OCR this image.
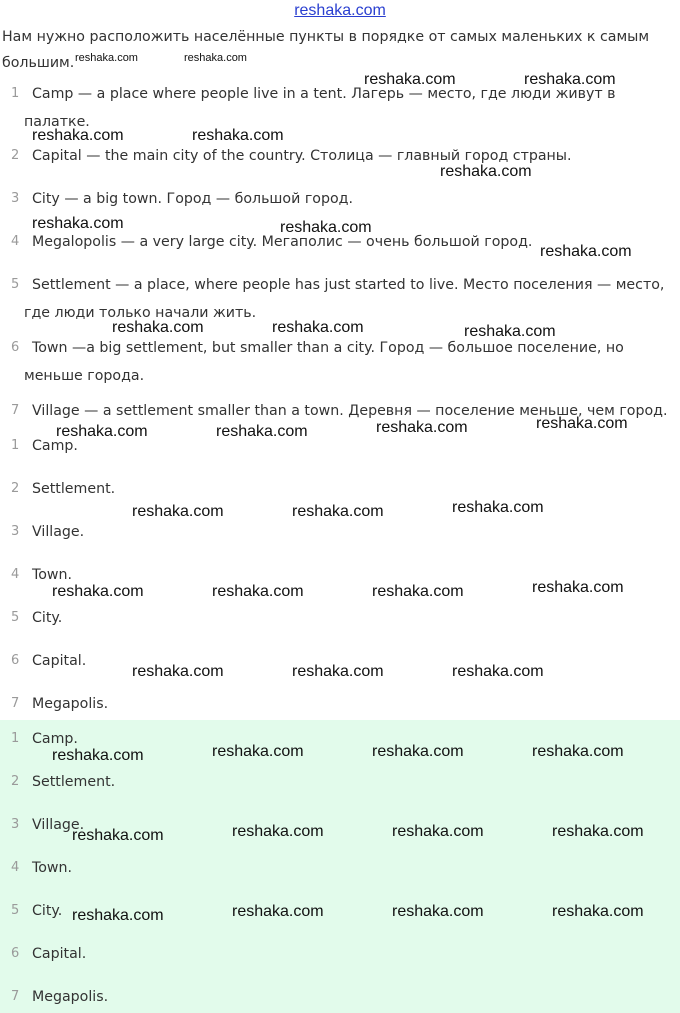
reshaka.com
Нам нужно расположить населённые пункты в порядке от самых маленьких к самым большим.
1 Camp — a place where people live in a tent. Лагерь — место, где люди живут в
палатке.
2 Capital — the main city of the country. Столица — главный город страны.
3 City — a big town. Город — большой город.
4 Megalopolis — a very large city. Мегаполис — очень большой город.
5 Settlement — a place, where people has just started to live. Место поселения — место,
где люди только начали жить.
6 Town —a big settlement, but smaller than a city. Город — большое поселение, но
меньше города.
7 Village — a settlement smaller than a town. Деревня — поселение меньше, чем город.
1 Camp.
2 Settlement.
3 Village.
4 Town.
5 City.
6 Capital.
7 Megapolis.
1 Camp.
2 Settlement.
3 Village.
4 Town.
5 City.
6 Capital.
7 Megapolis.
reshaka.com	reshaka.com
reshaka.com	reshaka.com
reshaka.com	reshaka.com
reshaka.com
reshaka.com	reshaka.com
reshaka.com
reshaka.com	reshaka.com	reshaka.com
reshaka.com	reshaka.com	reshaka.com	reshaka.com
reshaka.com	reshaka.com	reshaka.com
reshaka.com	reshaka.com	reshaka.com	reshaka.com
reshaka.com	reshaka.com	reshaka.com
reshaka.com	reshaka.com	reshaka.com	reshaka.com
reshaka.com	reshaka.com	reshaka.com	reshaka.com
reshaka.com	reshaka.com	reshaka.com	reshaka.com
